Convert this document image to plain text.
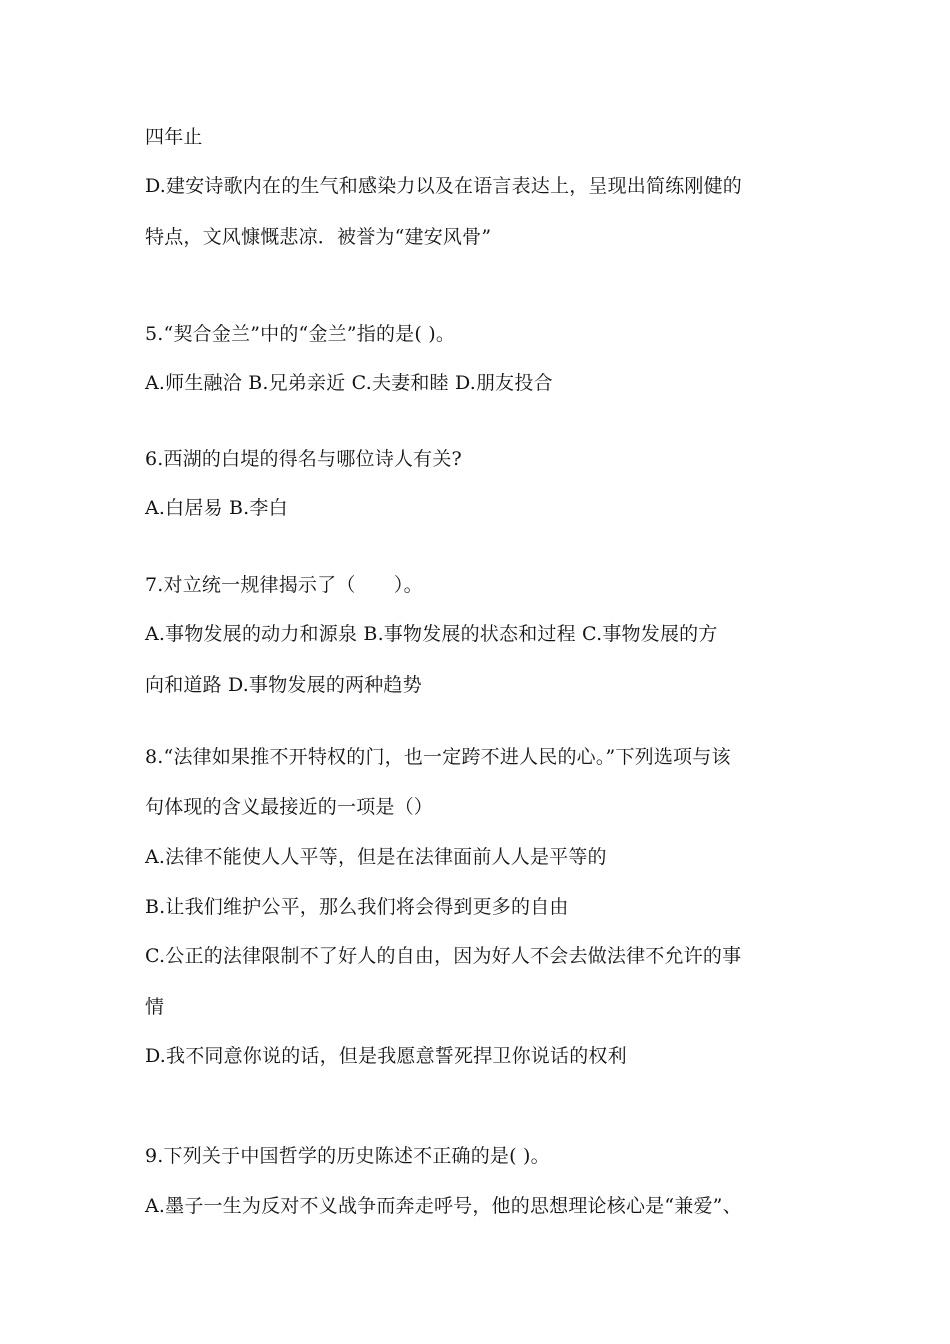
四年止
D.建安诗歌内在的生气和感染力以及在语言表达上，呈现出简练刚健的
特点，文风慷慨悲凉．被誉为“建安风骨”
5.“契合金兰”中的“金兰”指的是( )。
A.师生融洽 B.兄弟亲近 C.夫妻和睦 D.朋友投合
6.西湖的白堤的得名与哪位诗人有关?
A.白居易 B.李白
7.对立统一规律揭示了（　　）。
A.事物发展的动力和源泉 B.事物发展的状态和过程 C.事物发展的方
向和道路 D.事物发展的两种趋势
8.“法律如果推不开特权的门，也一定跨不进人民的心。”下列选项与该
句体现的含义最接近的一项是（）
A.法律不能使人人平等，但是在法律面前人人是平等的
B.让我们维护公平，那么我们将会得到更多的自由
C.公正的法律限制不了好人的自由，因为好人不会去做法律不允许的事
情
D.我不同意你说的话，但是我愿意誓死捍卫你说话的权利
9.下列关于中国哲学的历史陈述不正确的是( )。
A.墨子一生为反对不义战争而奔走呼号，他的思想理论核心是“兼爱”、
